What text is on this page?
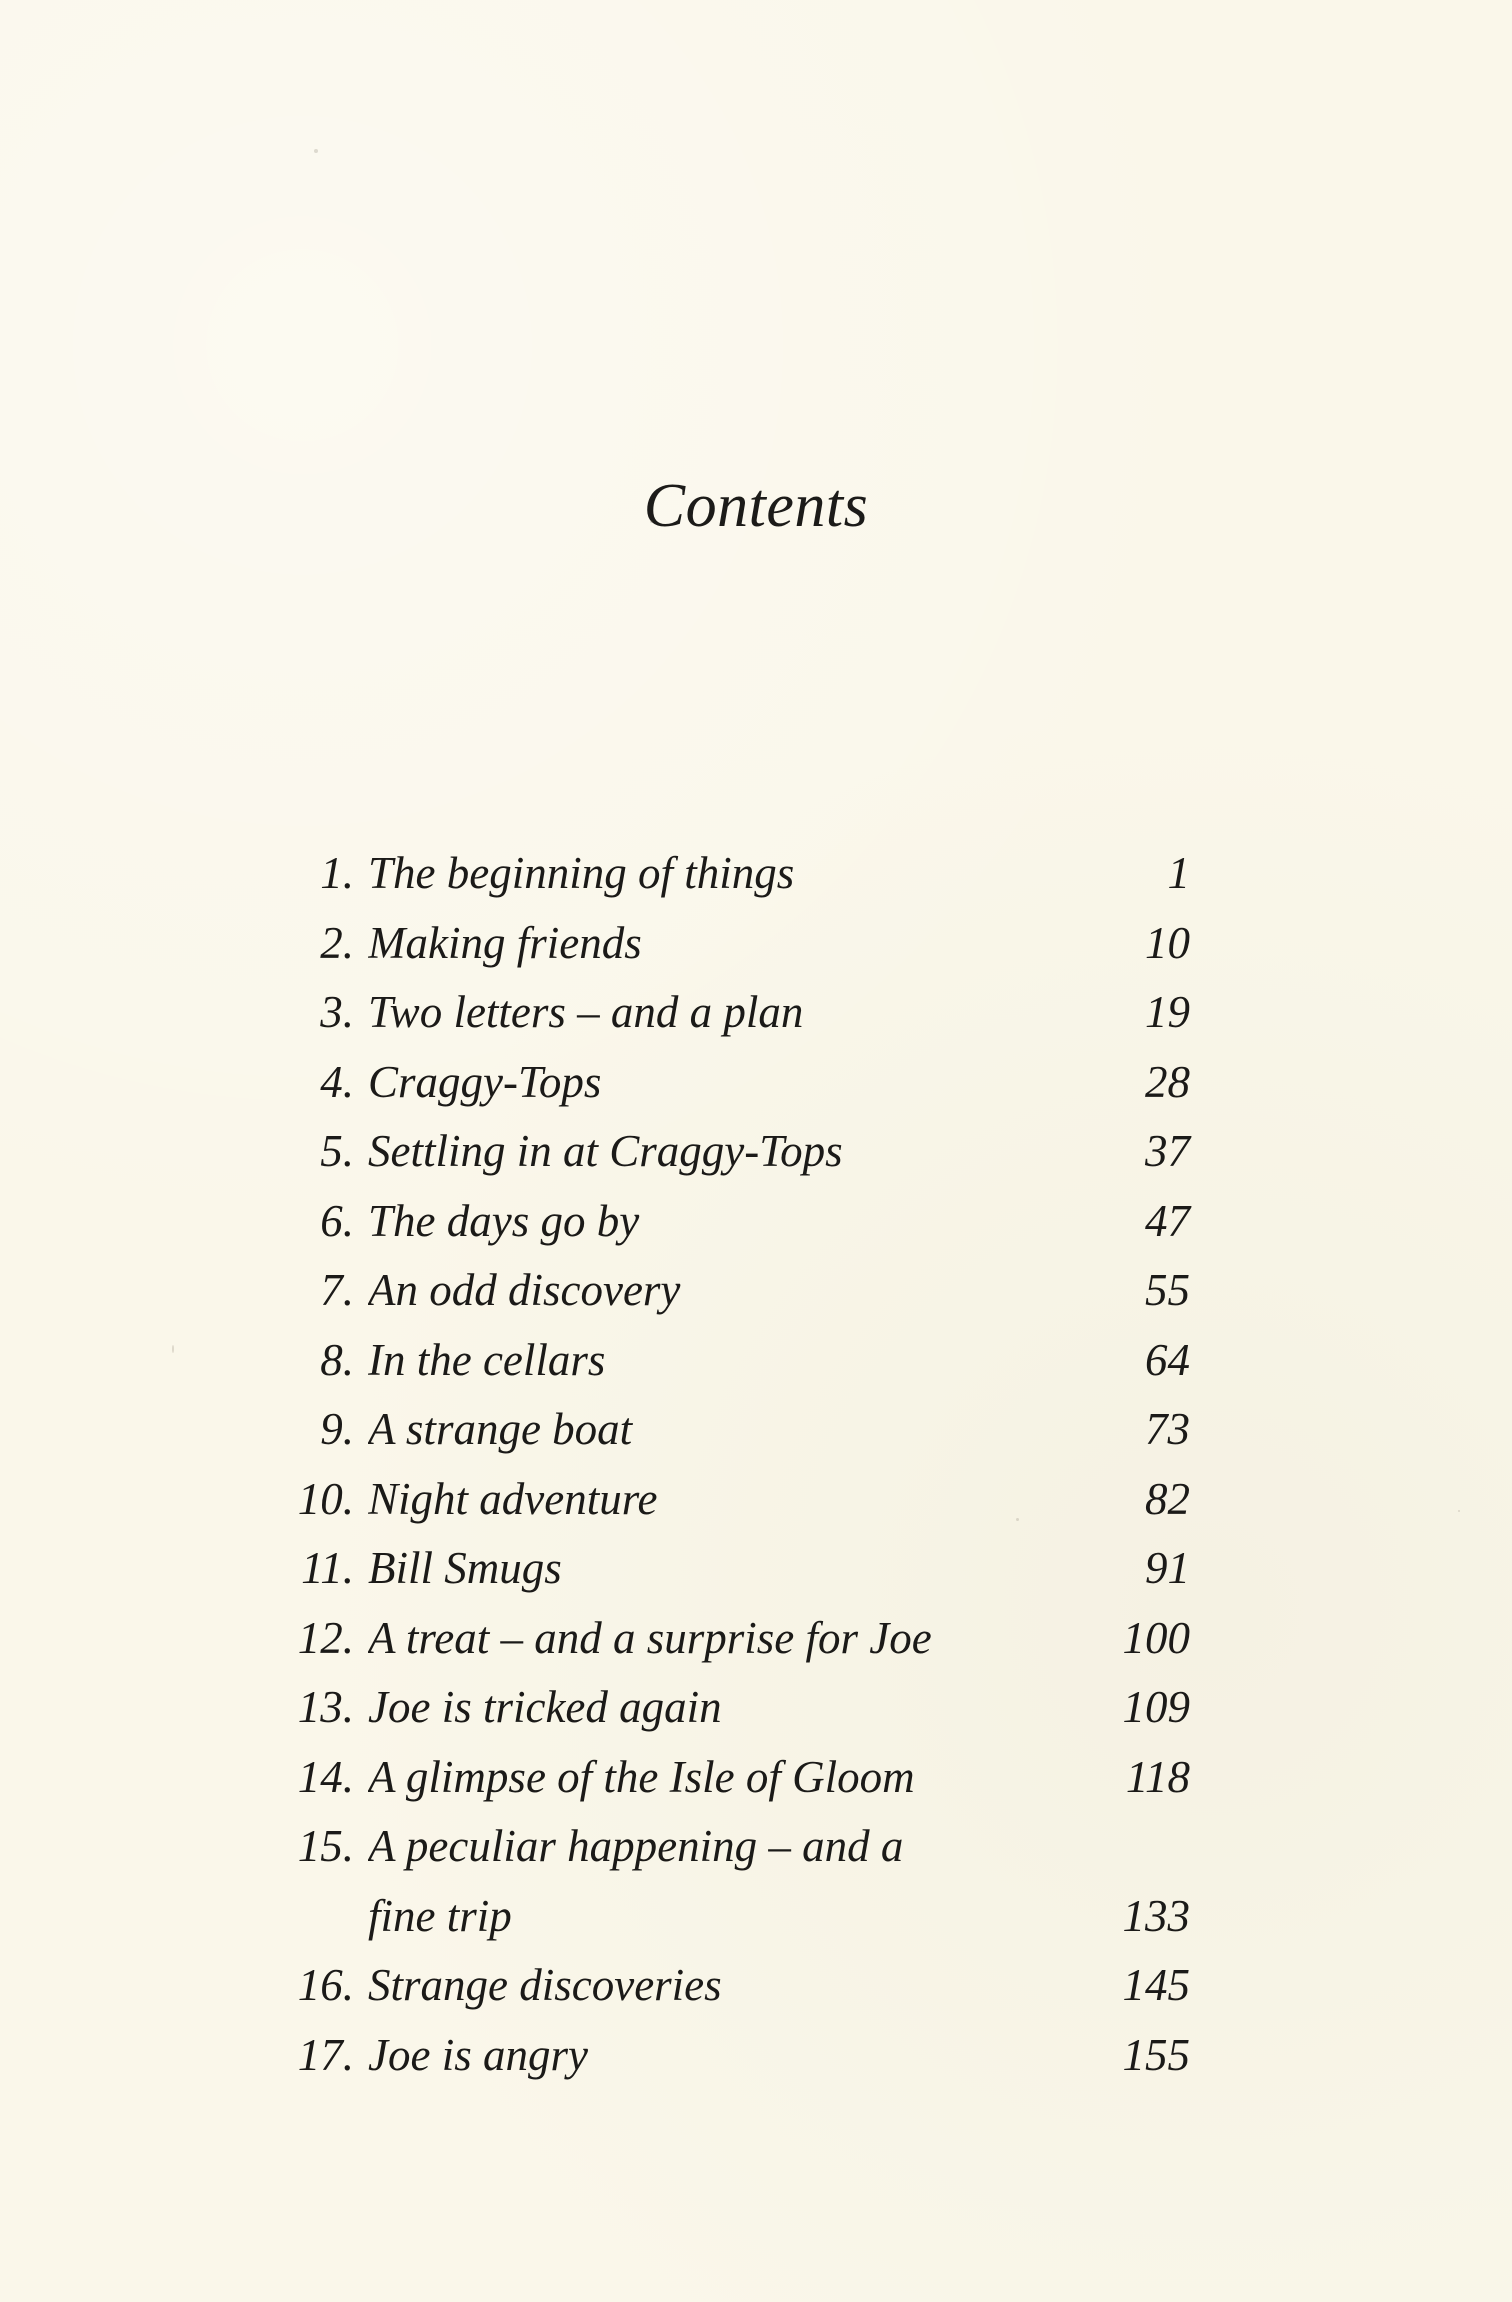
Contents
1. The beginning of things	1
2. Making friends	10
3. Two letters – and a plan	19
4. Craggy-Tops	28
5. Settling in at Craggy-Tops	37
6. The days go by	47
7. An odd discovery	55
8. In the cellars	64
9. A strange boat	73
10. Night adventure	82
11. Bill Smugs	91
12. A treat – and a surprise for Joe	100
13. Joe is tricked again	109
14. A glimpse of the Isle of Gloom	118
15. A peculiar happening – and a
fine trip	133
16. Strange discoveries	145
17. Joe is angry	155
